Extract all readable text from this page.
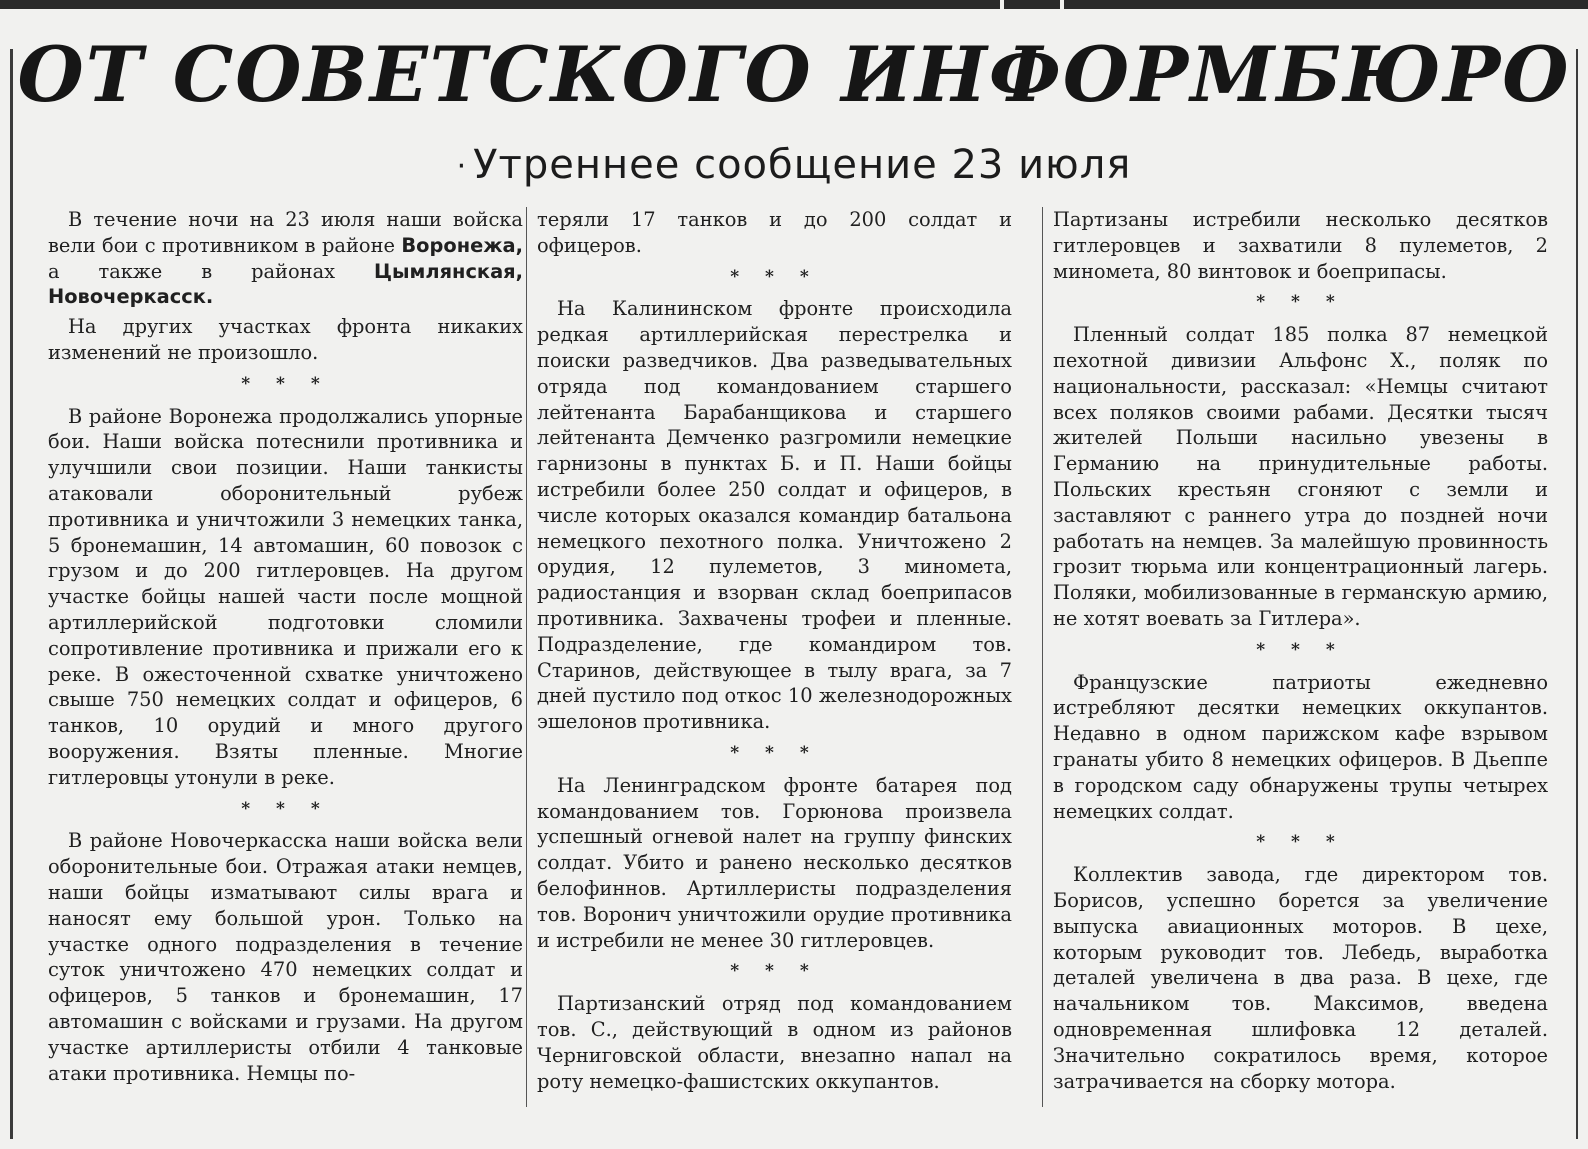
ОТ СОВЕТСКОГО ИНФОРМБЮРО
· Утреннее сообщение 23 июля

В течение ночи на 23 июля наши войска вели бои с противником в районе Воронежа, а также в районах Цымлянская, Новочеркасск.

На других участках фронта никаких изменений не произошло.

* * *

В районе Воронежа продолжались упорные бои. Наши войска потеснили противника и улучшили свои позиции. Наши танкисты атаковали оборонительный рубеж противника и уничтожили 3 немецких танка, 5 бронемашин, 14 автомашин, 60 повозок с грузом и до 200 гитлеровцев. На другом участке бойцы нашей части после мощной артиллерийской подготовки сломили сопротивление противника и прижали его к реке. В ожесточенной схватке уничтожено свыше 750 немецких солдат и офицеров, 6 танков, 10 орудий и много другого вооружения. Взяты пленные. Многие гитлеровцы утонули в реке.

* * *

В районе Новочеркасска наши войска вели оборонительные бои. Отражая атаки немцев, наши бойцы изматывают силы врага и наносят ему большой урон. Только на участке одного подразделения в течение суток уничтожено 470 немецких солдат и офицеров, 5 танков и бронемашин, 17 автомашин с войсками и грузами. На другом участке артиллеристы отбили 4 танковые атаки противника. Немцы по-

теряли 17 танков и до 200 солдат и офицеров.

* * *

На Калининском фронте происходила редкая артиллерийская перестрелка и поиски разведчиков. Два разведывательных отряда под командованием старшего лейтенанта Барабанщикова и старшего лейтенанта Демченко разгромили немецкие гарнизоны в пунктах Б. и П. Наши бойцы истребили более 250 солдат и офицеров, в числе которых оказался командир батальона немецкого пехотного полка. Уничтожено 2 орудия, 12 пулеметов, 3 миномета, радиостанция и взорван склад боеприпасов противника. Захвачены трофеи и пленные. Подразделение, где командиром тов. Старинов, действующее в тылу врага, за 7 дней пустило под откос 10 железнодорожных эшелонов противника.

* * *

На Ленинградском фронте батарея под командованием тов. Горюнова произвела успешный огневой налет на группу финских солдат. Убито и ранено несколько десятков белофиннов. Артиллеристы подразделения тов. Воронич уничтожили орудие противника и истребили не менее 30 гитлеровцев.

* * *

Партизанский отряд под командованием тов. С., действующий в одном из районов Черниговской области, внезапно напал на роту немецко-фашистских оккупантов.

Партизаны истребили несколько десятков гитлеровцев и захватили 8 пулеметов, 2 миномета, 80 винтовок и боеприпасы.

* * *

Пленный солдат 185 полка 87 немецкой пехотной дивизии Альфонс Х., поляк по национальности, рассказал: «Немцы считают всех поляков своими рабами. Десятки тысяч жителей Польши насильно увезены в Германию на принудительные работы. Польских крестьян сгоняют с земли и заставляют с раннего утра до поздней ночи работать на немцев. За малейшую провинность грозит тюрьма или концентрационный лагерь. Поляки, мобилизованные в германскую армию, не хотят воевать за Гитлера».

* * *

Французские патриоты ежедневно истребляют десятки немецких оккупантов. Недавно в одном парижском кафе взрывом гранаты убито 8 немецких офицеров. В Дьеппе в городском саду обнаружены трупы четырех немецких солдат.

* * *

Коллектив завода, где директором тов. Борисов, успешно борется за увеличение выпуска авиационных моторов. В цехе, которым руководит тов. Лебедь, выработка деталей увеличена в два раза. В цехе, где начальником тов. Максимов, введена одновременная шлифовка 12 деталей. Значительно сократилось время, которое затрачивается на сборку мотора.
